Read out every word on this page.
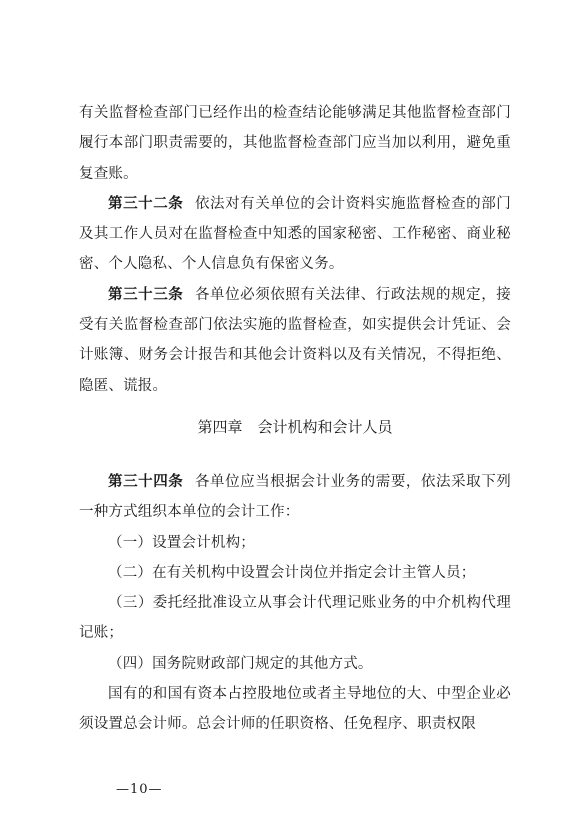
有关监督检查部门已经作出的检查结论能够满足其他监督检查部门履行本部门职责需要的，其他监督检查部门应当加以利用，避免重复查账。

第三十二条 依法对有关单位的会计资料实施监督检查的部门及其工作人员对在监督检查中知悉的国家秘密、工作秘密、商业秘密、个人隐私、个人信息负有保密义务。

第三十三条 各单位必须依照有关法律、行政法规的规定，接受有关监督检查部门依法实施的监督检查，如实提供会计凭证、会计账簿、财务会计报告和其他会计资料以及有关情况，不得拒绝、隐匿、谎报。

第四章 会计机构和会计人员

第三十四条 各单位应当根据会计业务的需要，依法采取下列一种方式组织本单位的会计工作：

（一）设置会计机构；

（二）在有关机构中设置会计岗位并指定会计主管人员；

（三）委托经批准设立从事会计代理记账业务的中介机构代理记账；

（四）国务院财政部门规定的其他方式。

国有的和国有资本占控股地位或者主导地位的大、中型企业必须设置总会计师。总会计师的任职资格、任免程序、职责权限

—10—
